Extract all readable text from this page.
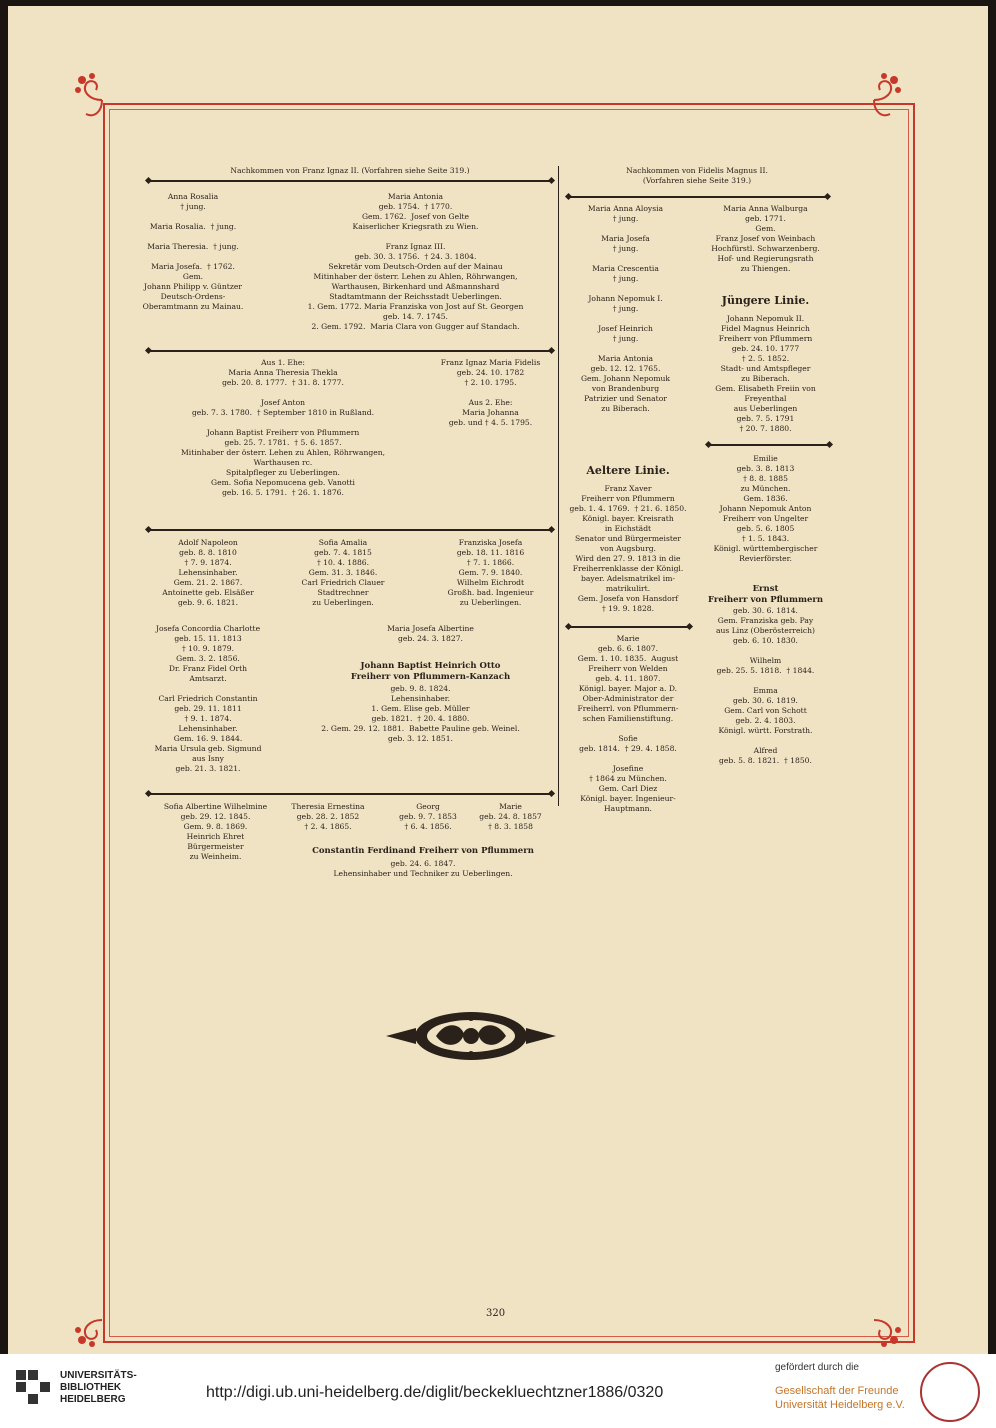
Nachkommen von Franz Ignaz II. (Vorfahren siehe Seite 319.)
Anna Rosalia
† jung.

Maria Rosalia.  † jung.

Maria Theresia.  † jung.

Maria Josefa.  † 1762.
Gem.
Johann Philipp v. Güntzer
Deutsch-Ordens-
Oberamtmann zu Mainau.
Maria Antonia
geb. 1754.  † 1770.
Gem. 1762.  Josef von Gelte
Kaiserlicher Kriegsrath zu Wien.

Franz Ignaz III.
geb. 30. 3. 1756.  † 24. 3. 1804.
Sekretär vom Deutsch-Orden auf der Mainau
Mitinhaber der österr. Lehen zu Ahlen, Röhrwangen,
Warthausen, Birkenhard und Aßmannshard
Stadtamtmann der Reichsstadt Ueberlingen.
1. Gem. 1772. Maria Franziska von Jost auf St. Georgen
geb. 14. 7. 1745.
2. Gem. 1792.  Maria Clara von Gugger auf Standach.
Aus 1. Ehe:
Maria Anna Theresia Thekla
geb. 20. 8. 1777.  † 31. 8. 1777.

Josef Anton
geb. 7. 3. 1780.  † September 1810 in Rußland.

Johann Baptist Freiherr von Pflummern
geb. 25. 7. 1781.  † 5. 6. 1857.
Mitinhaber der österr. Lehen zu Ahlen, Röhrwangen,
Warthausen rc.
Spitalpfleger zu Ueberlingen.
Gem. Sofia Nepomucena geb. Vanotti
geb. 16. 5. 1791.  † 26. 1. 1876.
Franz Ignaz Maria Fidelis
geb. 24. 10. 1782
† 2. 10. 1795.

Aus 2. Ehe:
Maria Johanna
geb. und † 4. 5. 1795.
Adolf Napoleon
geb. 8. 8. 1810
† 7. 9. 1874.
Lehensinhaber.
Gem. 21. 2. 1867.
Antoinette geb. Elsäßer
geb. 9. 6. 1821.
Sofia Amalia
geb. 7. 4. 1815
† 10. 4. 1886.
Gem. 31. 3. 1846.
Carl Friedrich Clauer
Stadtrechner
zu Ueberlingen.
Franziska Josefa
geb. 18. 11. 1816
† 7. 1. 1866.
Gem. 7. 9. 1840.
Wilhelm Eichrodt
Großh. bad. Ingenieur
zu Ueberlingen.
Josefa Concordia Charlotte
geb. 15. 11. 1813
† 10. 9. 1879.
Gem. 3. 2. 1856.
Dr. Franz Fidel Orth
Amtsarzt.

Carl Friedrich Constantin
geb. 29. 11. 1811
† 9. 1. 1874.
Lehensinhaber.
Gem. 16. 9. 1844.
Maria Ursula geb. Sigmund
aus Isny
geb. 21. 3. 1821.
Maria Josefa Albertine
geb. 24. 3. 1827.
Johann Baptist Heinrich Otto
Freiherr von Pflummern-Kanzach
geb. 9. 8. 1824.
Lehensinhaber.
1. Gem. Elise geb. Müller
geb. 1821.  † 20. 4. 1880.
2. Gem. 29. 12. 1881.  Babette Pauline geb. Weinel.
geb. 3. 12. 1851.
Sofia Albertine Wilhelmine
geb. 29. 12. 1845.
Gem. 9. 8. 1869.
Heinrich Ehret
Bürgermeister
zu Weinheim.
Theresia Ernestina
geb. 28. 2. 1852
† 2. 4. 1865.
Georg
geb. 9. 7. 1853
† 6. 4. 1856.
Marie
geb. 24. 8. 1857
† 8. 3. 1858
Constantin Ferdinand Freiherr von Pflummern
geb. 24. 6. 1847.
Lehensinhaber und Techniker zu Ueberlingen.
Nachkommen von Fidelis Magnus II.
(Vorfahren siehe Seite 319.)
Maria Anna Aloysia
† jung.

Maria Josefa
† jung.

Maria Crescentia
† jung.

Johann Nepomuk I.
† jung.

Josef Heinrich
† jung.

Maria Antonia
geb. 12. 12. 1765.
Gem. Johann Nepomuk
von Brandenburg
Patrizier und Senator
zu Biberach.
Maria Anna Walburga
geb. 1771.
Gem.
Franz Josef von Weinbach
Hochfürstl. Schwarzenberg.
Hof- und Regierungsrath
zu Thiengen.
Jüngere Linie.
Johann Nepomuk II.
Fidel Magnus Heinrich
Freiherr von Pflummern
geb. 24. 10. 1777
† 2. 5. 1852.
Stadt- und Amtspfleger
zu Biberach.
Gem. Elisabeth Freiin von
Freyenthal
aus Ueberlingen
geb. 7. 5. 1791
† 20. 7. 1880.
Aeltere Linie.
Franz Xaver
Freiherr von Pflummern
geb. 1. 4. 1769.  † 21. 6. 1850.
Königl. bayer. Kreisrath
in Eichstädt
Senator und Bürgermeister
von Augsburg.
Wird den 27. 9. 1813 in die
Freiherrenklasse der Königl.
bayer. Adelsmatrikel im-
matrikulirt.
Gem. Josefa von Hansdorf
† 19. 9. 1828.
Marie
geb. 6. 6. 1807.
Gem. 1. 10. 1835.  August
Freiherr von Welden
geb. 4. 11. 1807.
Königl. bayer. Major a. D.
Ober-Administrator der
Freiherrl. von Pflummern-
schen Familienstiftung.

Sofie
geb. 1814.  † 29. 4. 1858.

Josefine
† 1864 zu München.
Gem. Carl Diez
Königl. bayer. Ingenieur-
Hauptmann.
Emilie
geb. 3. 8. 1813
† 8. 8. 1885
zu München.
Gem. 1836.
Johann Nepomuk Anton
Freiherr von Ungelter
geb. 5. 6. 1805
† 1. 5. 1843.
Königl. württembergischer
Revierförster.
Ernst
Freiherr von Pflummern
geb. 30. 6. 1814.
Gem. Franziska geb. Pay
aus Linz (Oberösterreich)
geb. 6. 10. 1830.

Wilhelm
geb. 25. 5. 1818.  † 1844.

Emma
geb. 30. 6. 1819.
Gem. Carl von Schott
geb. 2. 4. 1803.
Königl. württ. Forstrath.

Alfred
geb. 5. 8. 1821.  † 1850.
320
UNIVERSITÄTS-
BIBLIOTHEK
HEIDELBERG	http://digi.ub.uni-heidelberg.de/diglit/beckekluechtzner1886/0320
gefördert durch die
Gesellschaft der Freunde
Universität Heidelberg e.V.
